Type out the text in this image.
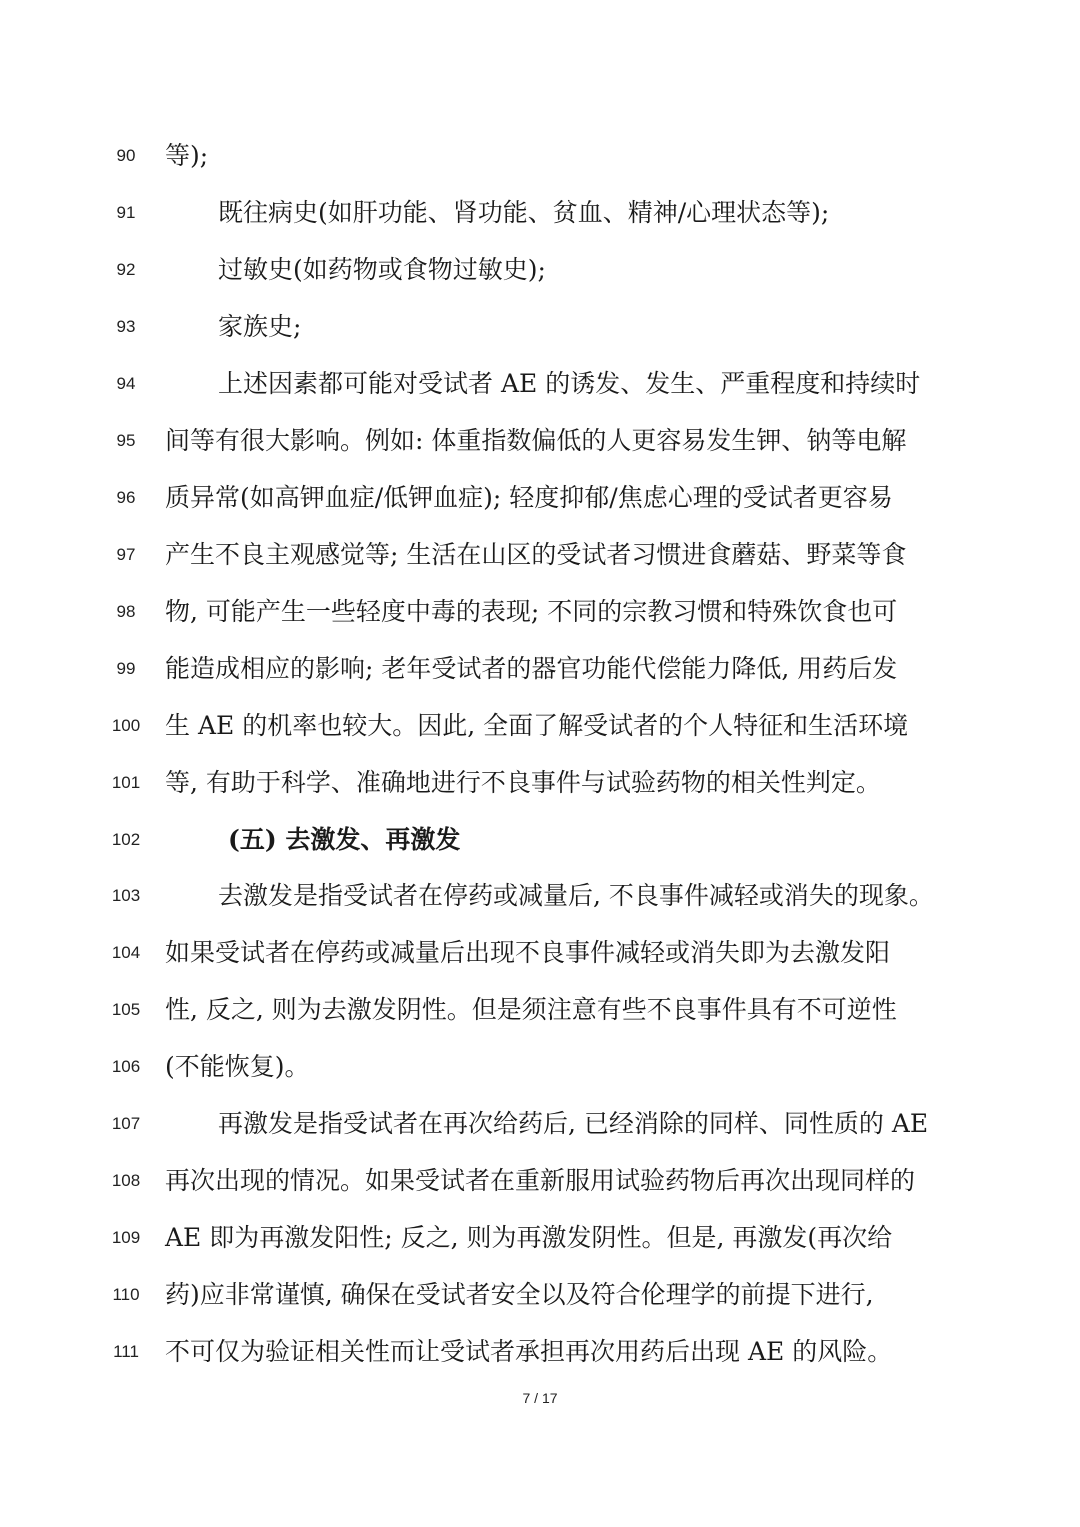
90	等);
91	既往病史(如肝功能、肾功能、贫血、精神/心理状态等);
92	过敏史(如药物或食物过敏史);
93	家族史;
94	上述因素都可能对受试者 AE 的诱发、发生、严重程度和持续时
95	间等有很大影响。例如: 体重指数偏低的人更容易发生钾、钠等电解
96	质异常(如高钾血症/低钾血症); 轻度抑郁/焦虑心理的受试者更容易
97	产生不良主观感觉等; 生活在山区的受试者习惯进食蘑菇、野菜等食
98	物, 可能产生一些轻度中毒的表现; 不同的宗教习惯和特殊饮食也可
99	能造成相应的影响; 老年受试者的器官功能代偿能力降低, 用药后发
100 生 AE 的机率也较大。因此, 全面了解受试者的个人特征和生活环境
101 等, 有助于科学、准确地进行不良事件与试验药物的相关性判定。
102	(五) 去激发、再激发
103	去激发是指受试者在停药或减量后, 不良事件减轻或消失的现象。
104 如果受试者在停药或减量后出现不良事件减轻或消失即为去激发阳
105 性, 反之, 则为去激发阴性。但是须注意有些不良事件具有不可逆性
106 (不能恢复)。
107	再激发是指受试者在再次给药后, 已经消除的同样、同性质的 AE
108 再次出现的情况。如果受试者在重新服用试验药物后再次出现同样的
109 AE 即为再激发阳性; 反之, 则为再激发阴性。但是, 再激发(再次给
110	药)应非常谨慎, 确保在受试者安全以及符合伦理学的前提下进行,
111	不可仅为验证相关性而让受试者承担再次用药后出现 AE 的风险。
7 / 17
